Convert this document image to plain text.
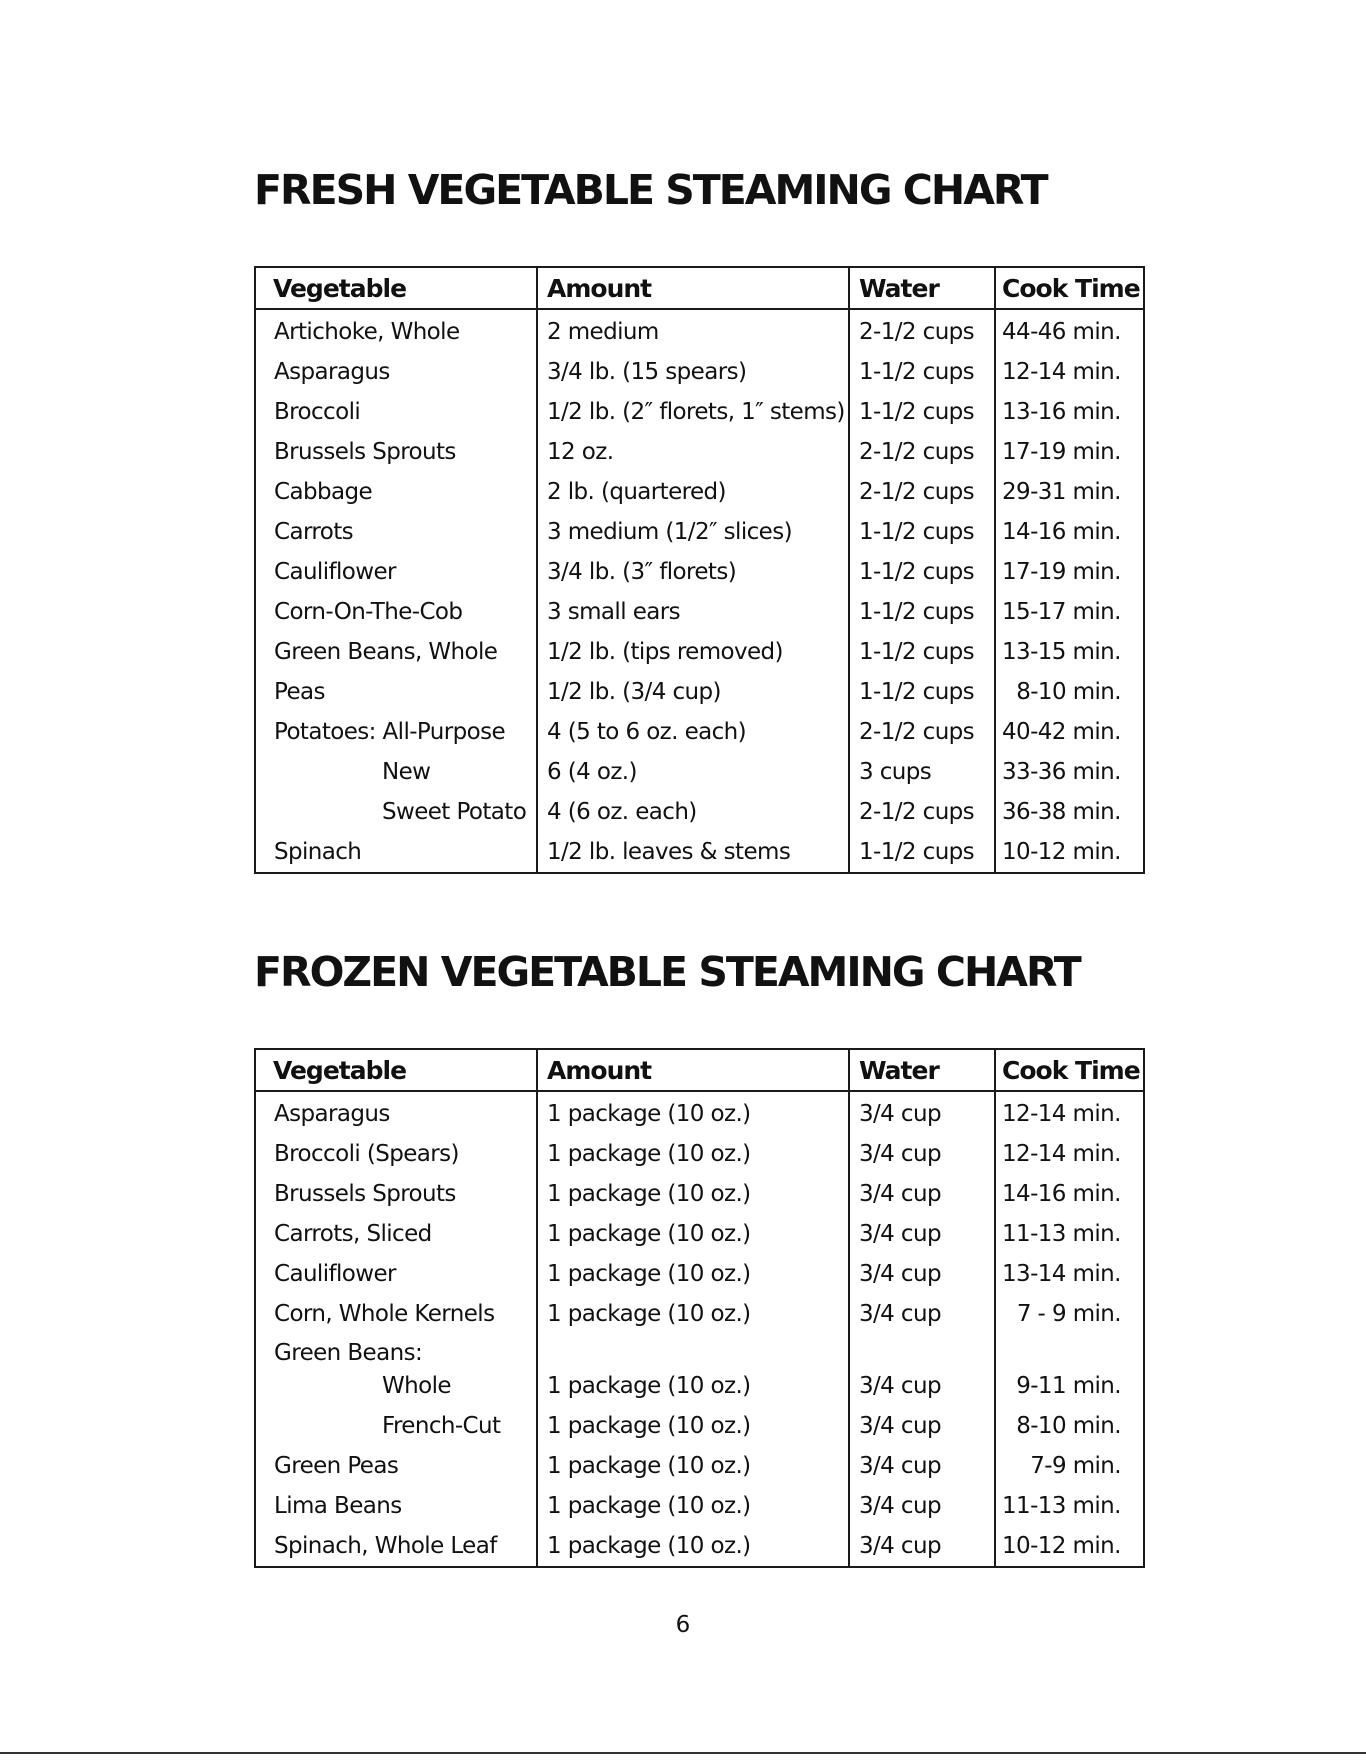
FRESH VEGETABLE STEAMING CHART
Vegetable	Amount	Water	Cook Time
Artichoke, Whole	2 medium	2-1/2 cups	44-46 min.
Asparagus	3/4 lb. (15 spears)	1-1/2 cups	12-14 min.
Broccoli	1/2 lb. (2″ florets, 1″ stems)	1-1/2 cups	13-16 min.
Brussels Sprouts	12 oz.	2-1/2 cups	17-19 min.
Cabbage	2 lb. (quartered)	2-1/2 cups	29-31 min.
Carrots	3 medium (1/2″ slices)	1-1/2 cups	14-16 min.
Cauliflower	3/4 lb. (3″ florets)	1-1/2 cups	17-19 min.
Corn-On-The-Cob	3 small ears	1-1/2 cups	15-17 min.
Green Beans, Whole	1/2 lb. (tips removed)	1-1/2 cups	13-15 min.
Peas	1/2 lb. (3/4 cup)	1-1/2 cups	8-10 min.
Potatoes: All-Purpose	4 (5 to 6 oz. each)	2-1/2 cups	40-42 min.
New	6 (4 oz.)	3 cups	33-36 min.
Sweet Potato	4 (6 oz. each)	2-1/2 cups	36-38 min.
Spinach	1/2 lb. leaves & stems	1-1/2 cups	10-12 min.
FROZEN VEGETABLE STEAMING CHART
Vegetable	Amount	Water	Cook Time
Asparagus	1 package (10 oz.)	3/4 cup	12-14 min.
Broccoli (Spears)	1 package (10 oz.)	3/4 cup	12-14 min.
Brussels Sprouts	1 package (10 oz.)	3/4 cup	14-16 min.
Carrots, Sliced	1 package (10 oz.)	3/4 cup	11-13 min.
Cauliflower	1 package (10 oz.)	3/4 cup	13-14 min.
Corn, Whole Kernels	1 package (10 oz.)	3/4 cup	7 - 9 min.
Green Beans:			
Whole	1 package (10 oz.)	3/4 cup	9-11 min.
French-Cut	1 package (10 oz.)	3/4 cup	8-10 min.
Green Peas	1 package (10 oz.)	3/4 cup	7-9 min.
Lima Beans	1 package (10 oz.)	3/4 cup	11-13 min.
Spinach, Whole Leaf	1 package (10 oz.)	3/4 cup	10-12 min.
6
